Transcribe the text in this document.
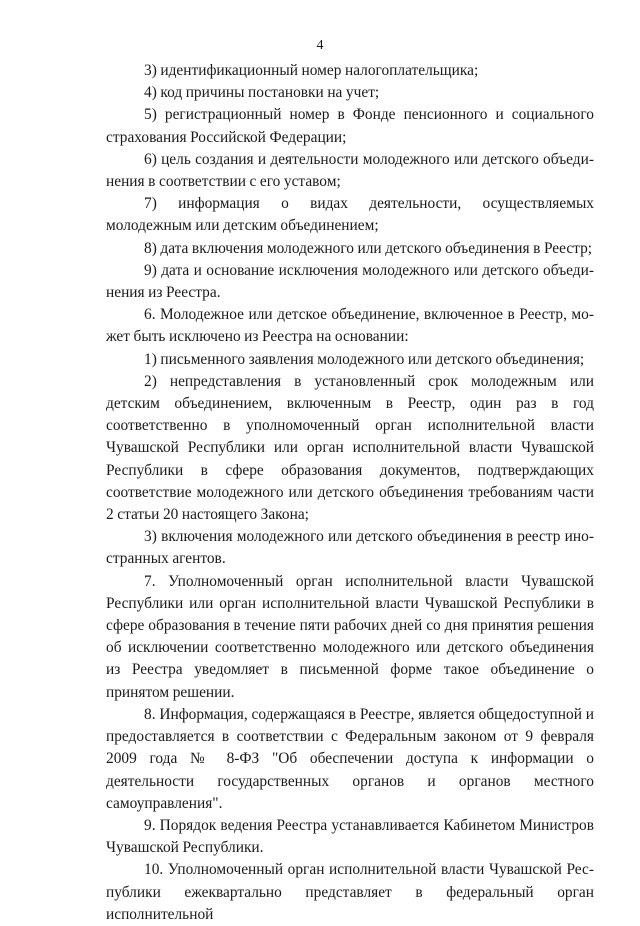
4

3) идентификационный номер налогоплательщика;

4) код причины постановки на учет;

5) регистрационный номер в Фонде пенсионного и социального страхования Российской Федерации;

6) цель создания и деятельности молодежного или детского объединения в соответствии с его уставом;

7) информация о видах деятельности, осуществляемых молодежным или детским объединением;

8) дата включения молодежного или детского объединения в Реестр;

9) дата и основание исключения молодежного или детского объединения из Реестра.

6. Молодежное или детское объединение, включенное в Реестр, может быть исключено из Реестра на основании:

1) письменного заявления молодежного или детского объединения;

2) непредставления в установленный срок молодежным или детским объединением, включенным в Реестр, один раз в год соответственно в уполномоченный орган исполнительной власти Чувашской Республики или орган исполнительной власти Чувашской Республики в сфере образования документов, подтверждающих соответствие молодежного или детского объединения требованиям части 2 статьи 20 настоящего Закона;

3) включения молодежного или детского объединения в реестр иностранных агентов.

7. Уполномоченный орган исполнительной власти Чувашской Республики или орган исполнительной власти Чувашской Республики в сфере образования в течение пяти рабочих дней со дня принятия решения об исключении соответственно молодежного или детского объединения из Реестра уведомляет в письменной форме такое объединение о принятом решении.

8. Информация, содержащаяся в Реестре, является общедоступной и предоставляется в соответствии с Федеральным законом от 9 февраля 2009 года № 8-ФЗ "Об обеспечении доступа к информации о деятельности государственных органов и органов местного самоуправления".

9. Порядок ведения Реестра устанавливается Кабинетом Министров Чувашской Республики.

10. Уполномоченный орган исполнительной власти Чувашской Республики ежеквартально представляет в федеральный орган исполнительной
